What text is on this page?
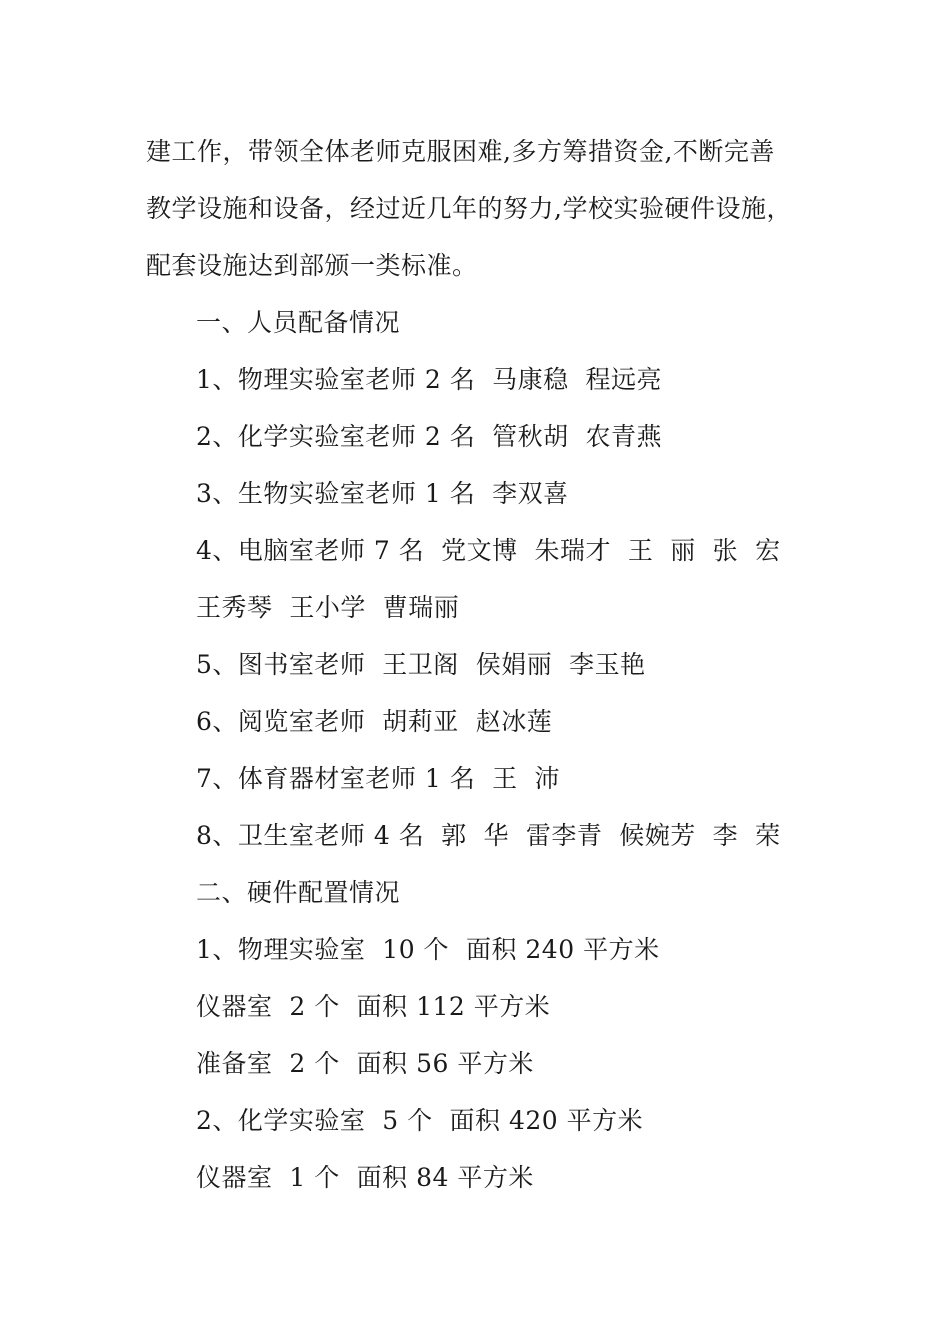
建工作，带领全体老师克服困难,多方筹措资金,不断完善
教学设施和设备，经过近几年的努力,学校实验硬件设施，
配套设施达到部颁一类标准。

一、人员配备情况

1、物理实验室老师 2 名  马康稳  程远亮

2、化学实验室老师 2 名  管秋胡  农青燕

3、生物实验室老师 1 名  李双喜

4、电脑室老师 7 名  党文博  朱瑞才  王  丽  张  宏

王秀琴  王小学  曹瑞丽

5、图书室老师  王卫阁  侯娟丽  李玉艳

6、阅览室老师  胡莉亚  赵冰莲

7、体育器材室老师 1 名  王  沛

8、卫生室老师 4 名  郭  华  雷李青  候婉芳  李  荣

二、硬件配置情况

1、物理实验室  10 个  面积 240 平方米

仪器室  2 个  面积 112 平方米

准备室  2 个  面积 56 平方米

2、化学实验室  5 个  面积 420 平方米

仪器室  1 个  面积 84 平方米
